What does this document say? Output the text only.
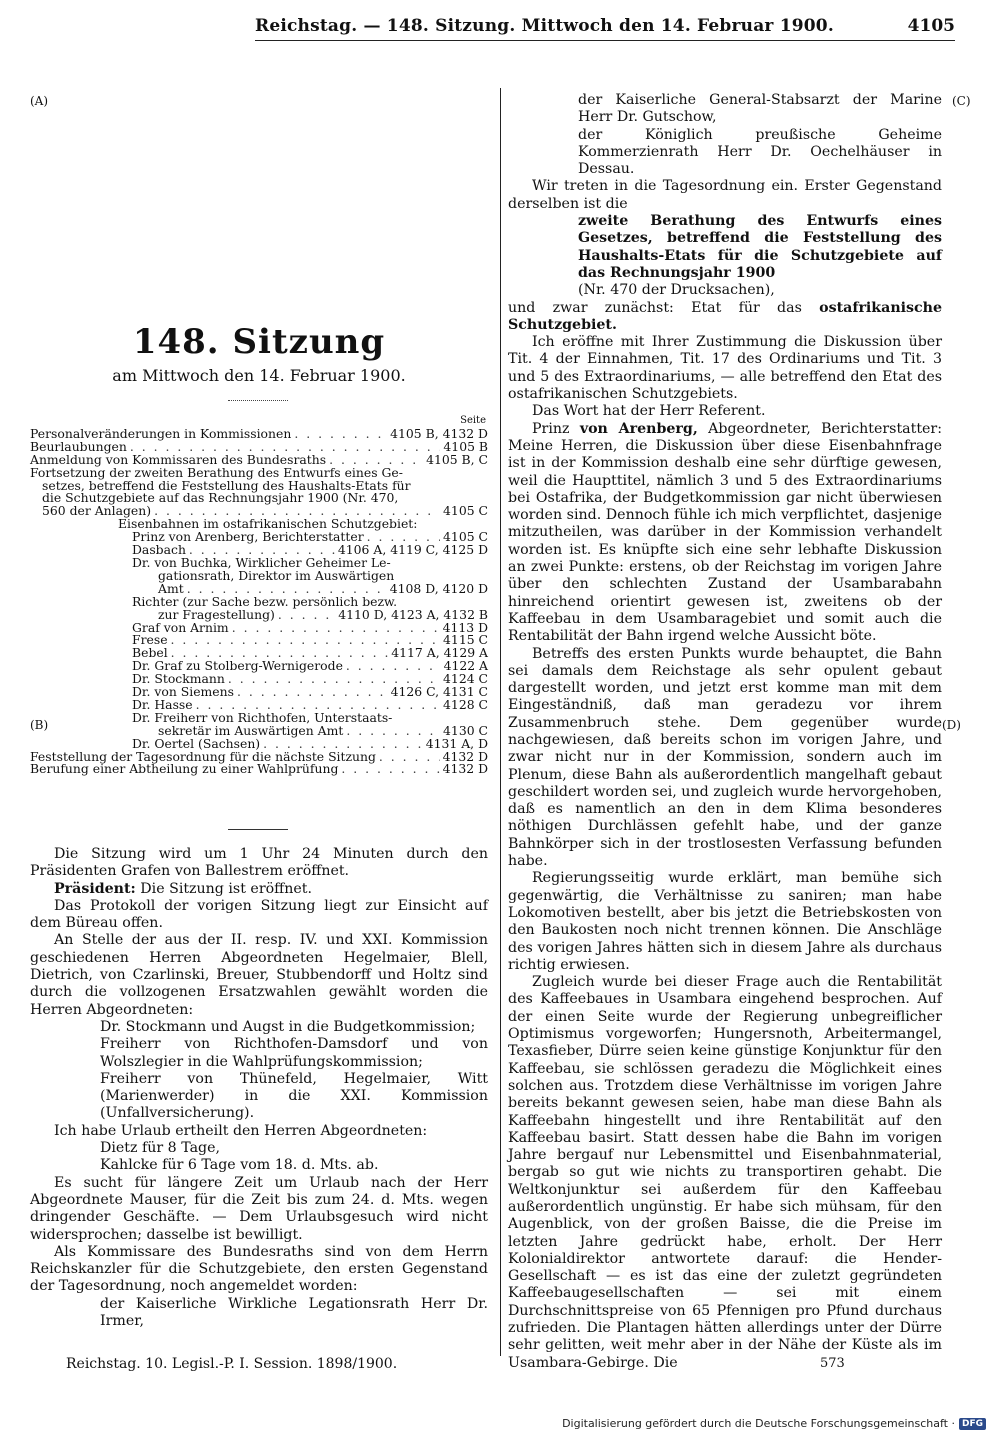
Reichstag. — 148. Sitzung. Mittwoch den 14. Februar 1900.	4105
(A)
(B)
(C)
(D)
148. Sitzung
am Mittwoch den 14. Februar 1900.
Seite
Personalveränderungen in Kommissionen . . .	4105 B, 4132 D
Beurlaubungen . . .	4105 B
Anmeldung von Kommissaren des Bundesraths . . .	4105 B, C
Fortsetzung der zweiten Berathung des Entwurfs eines Ge-
setzes, betreffend die Feststellung des Haushalts-Etats für
die Schutzgebiete auf das Rechnungsjahr 1900 (Nr. 470,
560 der Anlagen) . . .	4105 C
Eisenbahnen im ostafrikanischen Schutzgebiet:
Prinz von Arenberg, Berichterstatter . . .	4105 C
Dasbach . . .	4106 A, 4119 C, 4125 D
Dr. von Buchka, Wirklicher Geheimer Le-
gationsrath, Direktor im Auswärtigen
Amt . . .	4108 D, 4120 D
Richter (zur Sache bezw. persönlich bezw.
zur Fragestellung) . . .	4110 D, 4123 A, 4132 B
Graf von Arnim . . .	4113 D
Frese . . .	4115 C
Bebel . . .	4117 A, 4129 A
Dr. Graf zu Stolberg-Wernigerode . . .	4122 A
Dr. Stockmann . . .	4124 C
Dr. von Siemens . . .	4126 C, 4131 C
Dr. Hasse . . .	4128 C
Dr. Freiherr von Richthofen, Unterstaats-
sekretär im Auswärtigen Amt . . .	4130 C
Dr. Oertel (Sachsen) . . .	4131 A, D
Feststellung der Tagesordnung für die nächste Sitzung . . .	4132 D
Berufung einer Abtheilung zu einer Wahlprüfung . . .	4132 D

Die Sitzung wird um 1 Uhr 24 Minuten durch den Präsidenten Grafen von Ballestrem eröffnet.

Präsident: Die Sitzung ist eröffnet.

Das Protokoll der vorigen Sitzung liegt zur Einsicht auf dem Büreau offen.

An Stelle der aus der II. resp. IV. und XXI. Kommission geschiedenen Herren Abgeordneten Hegelmaier, Blell, Dietrich, von Czarlinski, Breuer, Stubbendorff und Holtz sind durch die vollzogenen Ersatzwahlen gewählt worden die Herren Abgeordneten:

Dr. Stockmann und Augst in die Budgetkommission;

Freiherr von Richthofen-Damsdorf und von Wolszlegier in die Wahlprüfungskommission;

Freiherr von Thünefeld, Hegelmaier, Witt (Marienwerder) in die XXI. Kommission (Unfallversicherung).

Ich habe Urlaub ertheilt den Herren Abgeordneten:

Dietz für 8 Tage,

Kahlcke für 6 Tage vom 18. d. Mts. ab.

Es sucht für längere Zeit um Urlaub nach der Herr Abgeordnete Mauser, für die Zeit bis zum 24. d. Mts. wegen dringender Geschäfte. — Dem Urlaubsgesuch wird nicht widersprochen; dasselbe ist bewilligt.

Als Kommissare des Bundesraths sind von dem Herrn Reichskanzler für die Schutzgebiete, den ersten Gegenstand der Tagesordnung, noch angemeldet worden:

der Kaiserliche Wirkliche Legationsrath Herr Dr. Irmer,

der Kaiserliche General-Stabsarzt der Marine Herr Dr. Gutschow,

der Königlich preußische Geheime Kommerzienrath Herr Dr. Oechelhäuser in Dessau.

Wir treten in die Tagesordnung ein. Erster Gegenstand derselben ist die

zweite Berathung des Entwurfs eines Gesetzes, betreffend die Feststellung des Haushalts-Etats für die Schutzgebiete auf das Rechnungsjahr 1900

(Nr. 470 der Drucksachen),

und zwar zunächst: Etat für das ostafrikanische Schutzgebiet.

Ich eröffne mit Ihrer Zustimmung die Diskussion über Tit. 4 der Einnahmen, Tit. 17 des Ordinariums und Tit. 3 und 5 des Extraordinariums, — alle betreffend den Etat des ostafrikanischen Schutzgebiets.

Das Wort hat der Herr Referent.

Prinz von Arenberg, Abgeordneter, Berichterstatter: Meine Herren, die Diskussion über diese Eisenbahnfrage ist in der Kommission deshalb eine sehr dürftige gewesen, weil die Haupttitel, nämlich 3 und 5 des Extraordinariums bei Ostafrika, der Budgetkommission gar nicht überwiesen worden sind. Dennoch fühle ich mich verpflichtet, dasjenige mitzutheilen, was darüber in der Kommission verhandelt worden ist. Es knüpfte sich eine sehr lebhafte Diskussion an zwei Punkte: erstens, ob der Reichstag im vorigen Jahre über den schlechten Zustand der Usambarabahn hinreichend orientirt gewesen ist, zweitens ob der Kaffeebau in dem Usambaragebiet und somit auch die Rentabilität der Bahn irgend welche Aussicht böte.

Betreffs des ersten Punkts wurde behauptet, die Bahn sei damals dem Reichstage als sehr opulent gebaut dargestellt worden, und jetzt erst komme man mit dem Eingeständniß, daß man geradezu vor ihrem Zusammenbruch stehe. Dem gegenüber wurde nachgewiesen, daß bereits schon im vorigen Jahre, und zwar nicht nur in der Kommission, sondern auch im Plenum, diese Bahn als außerordentlich mangelhaft gebaut geschildert worden sei, und zugleich wurde hervorgehoben, daß es namentlich an den in dem Klima besonderes nöthigen Durchlässen gefehlt habe, und der ganze Bahnkörper sich in der trostlosesten Verfassung befunden habe.

Regierungsseitig wurde erklärt, man bemühe sich gegenwärtig, die Verhältnisse zu saniren; man habe Lokomotiven bestellt, aber bis jetzt die Betriebskosten von den Baukosten noch nicht trennen können. Die Anschläge des vorigen Jahres hätten sich in diesem Jahre als durchaus richtig erwiesen.

Zugleich wurde bei dieser Frage auch die Rentabilität des Kaffeebaues in Usambara eingehend besprochen. Auf der einen Seite wurde der Regierung unbegreiflicher Optimismus vorgeworfen; Hungersnoth, Arbeitermangel, Texasfieber, Dürre seien keine günstige Konjunktur für den Kaffeebau, sie schlössen geradezu die Möglichkeit eines solchen aus. Trotzdem diese Verhältnisse im vorigen Jahre bereits bekannt gewesen seien, habe man diese Bahn als Kaffeebahn hingestellt und ihre Rentabilität auf den Kaffeebau basirt. Statt dessen habe die Bahn im vorigen Jahre bergauf nur Lebensmittel und Eisenbahnmaterial, bergab so gut wie nichts zu transportiren gehabt. Die Weltkonjunktur sei außerdem für den Kaffeebau außerordentlich ungünstig. Er habe sich mühsam, für den Augenblick, von der großen Baisse, die die Preise im letzten Jahre gedrückt habe, erholt. Der Herr Kolonialdirektor antwortete darauf: die Hender-Gesellschaft — es ist das eine der zuletzt gegründeten Kaffeebaugesellschaften — sei mit einem Durchschnittspreise von 65 Pfennigen pro Pfund durchaus zufrieden. Die Plantagen hätten allerdings unter der Dürre sehr gelitten, weit mehr aber in der Nähe der Küste als im Usambara-Gebirge. Die

Reichstag. 10. Legisl.-P. I. Session. 1898/1900.	573
Digitalisierung gefördert durch die Deutsche Forschungsgemeinschaft · DFG
